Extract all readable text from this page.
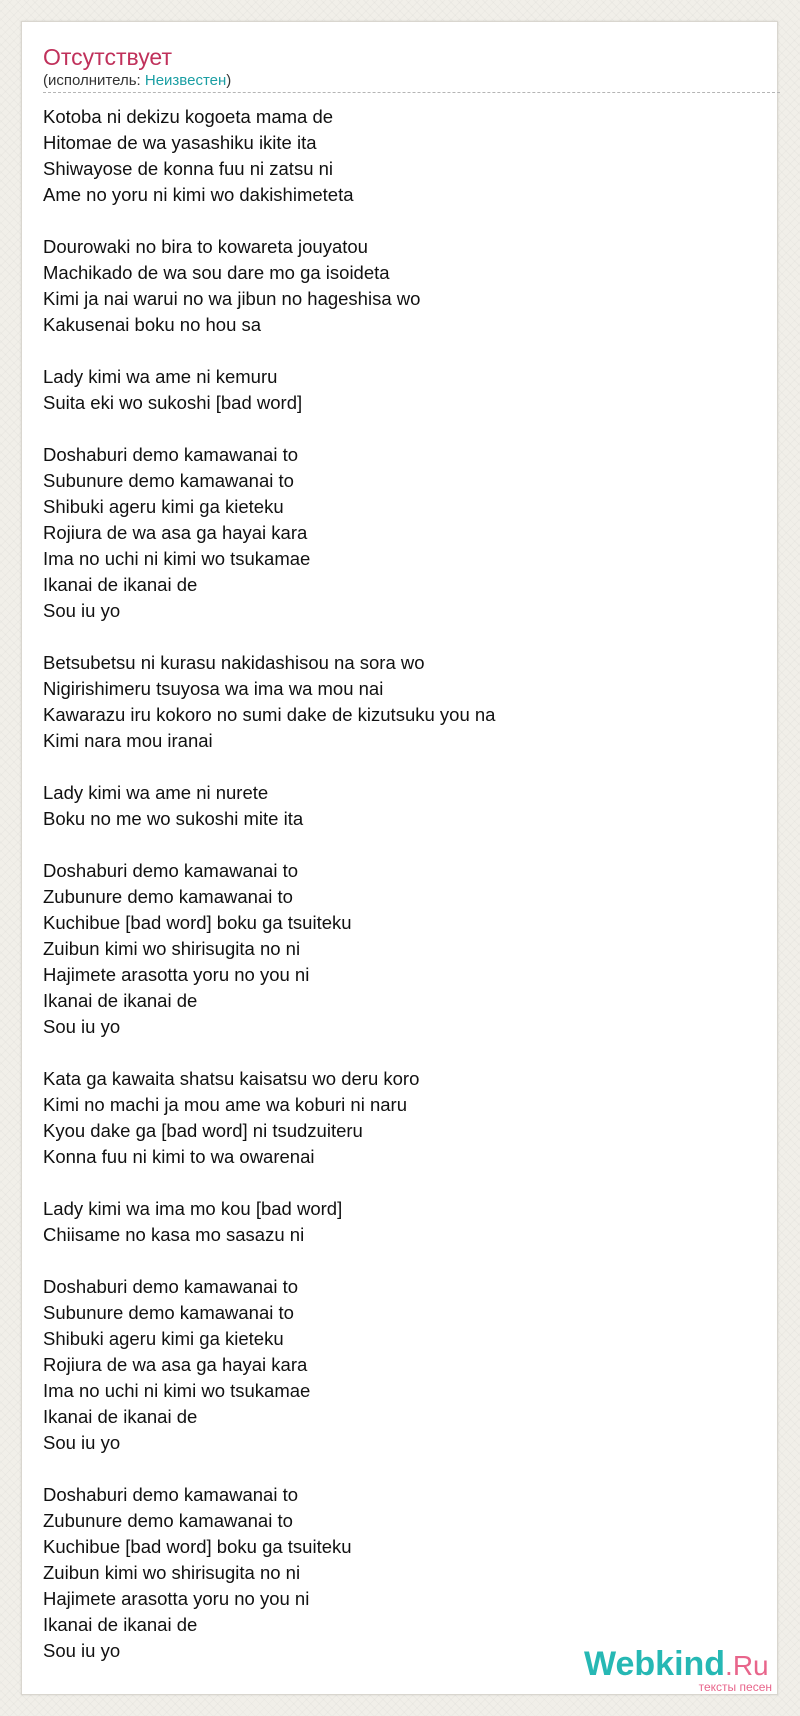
Отсутствует
(исполнитель: Неизвестен)
Kotoba ni dekizu kogoeta mama de
Hitomae de wa yasashiku ikite ita
Shiwayose de konna fuu ni zatsu ni
Ame no yoru ni kimi wo dakishimeteta
Dourowaki no bira to kowareta jouyatou
Machikado de wa sou dare mo ga isoideta
Kimi ja nai warui no wa jibun no hageshisa wo
Kakusenai boku no hou sa
Lady kimi wa ame ni kemuru
Suita eki wo sukoshi [bad word]
Doshaburi demo kamawanai to
Subunure demo kamawanai to
Shibuki ageru kimi ga kieteku
Rojiura de wa asa ga hayai kara
Ima no uchi ni kimi wo tsukamae
Ikanai de ikanai de
Sou iu yo
Betsubetsu ni kurasu nakidashisou na sora wo
Nigirishimeru tsuyosa wa ima wa mou nai
Kawarazu iru kokoro no sumi dake de kizutsuku you na
Kimi nara mou iranai
Lady kimi wa ame ni nurete
Boku no me wo sukoshi mite ita
Doshaburi demo kamawanai to
Zubunure demo kamawanai to
Kuchibue [bad word] boku ga tsuiteku
Zuibun kimi wo shirisugita no ni
Hajimete arasotta yoru no you ni
Ikanai de ikanai de
Sou iu yo
Kata ga kawaita shatsu kaisatsu wo deru koro
Kimi no machi ja mou ame wa koburi ni naru
Kyou dake ga [bad word] ni tsudzuiteru
Konna fuu ni kimi to wa owarenai
Lady kimi wa ima mo kou [bad word]
Chiisame no kasa mo sasazu ni
Doshaburi demo kamawanai to
Subunure demo kamawanai to
Shibuki ageru kimi ga kieteku
Rojiura de wa asa ga hayai kara
Ima no uchi ni kimi wo tsukamae
Ikanai de ikanai de
Sou iu yo
Doshaburi demo kamawanai to
Zubunure demo kamawanai to
Kuchibue [bad word] boku ga tsuiteku
Zuibun kimi wo shirisugita no ni
Hajimete arasotta yoru no you ni
Ikanai de ikanai de
Sou iu yo	Webkind.Ru
тексты песен
